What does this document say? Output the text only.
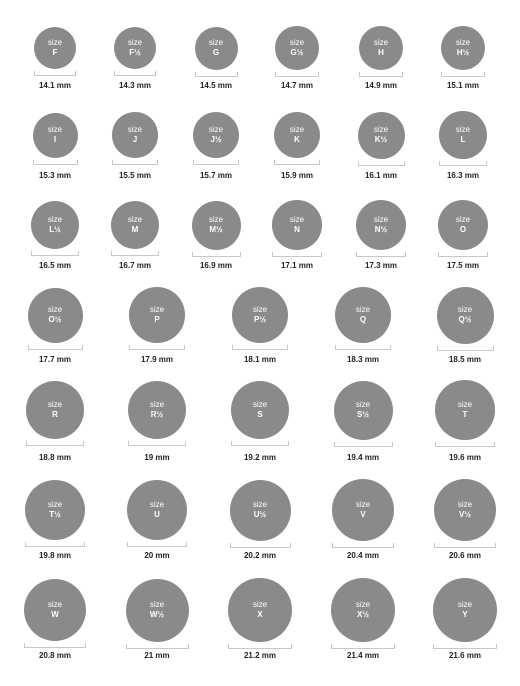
size
F
14.1 mm
size
F½
14.3 mm
size
G
14.5 mm
size
G½
14.7 mm
size
H
14.9 mm
size
H½
15.1 mm
size
I
15.3 mm
size
J
15.5 mm
size
J½
15.7 mm
size
K
15.9 mm
size
K½
16.1 mm
size
L
16.3 mm
size
L½
16.5 mm
size
M
16.7 mm
size
M½
16.9 mm
size
N
17.1 mm
size
N½
17.3 mm
size
O
17.5 mm
size
O½
17.7 mm
size
P
17.9 mm
size
P½
18.1 mm
size
Q
18.3 mm
size
Q½
18.5 mm
size
R
18.8 mm
size
R½
19 mm
size
S
19.2 mm
size
S½
19.4 mm
size
T
19.6 mm
size
T½
19.8 mm
size
U
20 mm
size
U½
20.2 mm
size
V
20.4 mm
size
V½
20.6 mm
size
W
20.8 mm
size
W½
21 mm
size
X
21.2 mm
size
X½
21.4 mm
size
Y
21.6 mm
